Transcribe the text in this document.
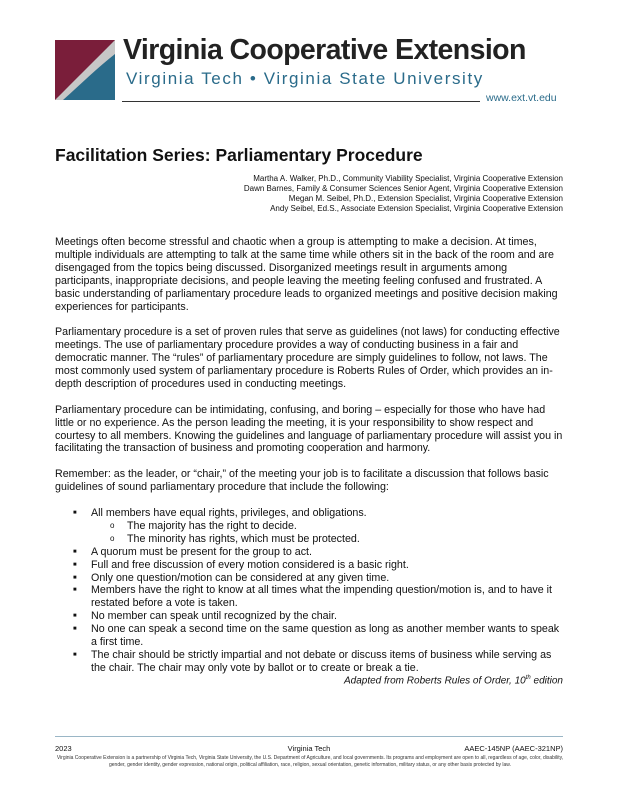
Virginia Cooperative Extension
Virginia Tech • Virginia State University
www.ext.vt.edu
Facilitation Series: Parliamentary Procedure
Martha A. Walker, Ph.D., Community Viability Specialist, Virginia Cooperative Extension
Dawn Barnes, Family & Consumer Sciences Senior Agent, Virginia Cooperative Extension
Megan M. Seibel, Ph.D., Extension Specialist, Virginia Cooperative Extension
Andy Seibel, Ed.S., Associate Extension Specialist, Virginia Cooperative Extension

Meetings often become stressful and chaotic when a group is attempting to make a decision. At times, multiple individuals are attempting to talk at the same time while others sit in the back of the room and are disengaged from the topics being discussed. Disorganized meetings result in arguments among participants, inappropriate decisions, and people leaving the meeting feeling confused and frustrated. A basic understanding of parliamentary procedure leads to organized meetings and positive decision making experiences for participants.

Parliamentary procedure is a set of proven rules that serve as guidelines (not laws) for conducting effective meetings. The use of parliamentary procedure provides a way of conducting business in a fair and democratic manner. The “rules” of parliamentary procedure are simply guidelines to follow, not laws. The most commonly used system of parliamentary procedure is Roberts Rules of Order, which provides an in-depth description of procedures used in conducting meetings.

Parliamentary procedure can be intimidating, confusing, and boring – especially for those who have had little or no experience. As the person leading the meeting, it is your responsibility to show respect and courtesy to all members. Knowing the guidelines and language of parliamentary procedure will assist you in facilitating the transaction of business and promoting cooperation and harmony.

Remember: as the leader, or “chair,” of the meeting your job is to facilitate a discussion that follows basic guidelines of sound parliamentary procedure that include the following:

■ All members have equal rights, privileges, and obligations.
o The majority has the right to decide.
o The minority has rights, which must be protected.
■ A quorum must be present for the group to act.
■ Full and free discussion of every motion considered is a basic right.
■ Only one question/motion can be considered at any given time.
■ Members have the right to know at all times what the impending question/motion is, and to have it restated before a vote is taken.
■ No member can speak until recognized by the chair.
■ No one can speak a second time on the same question as long as another member wants to speak a first time.
■ The chair should be strictly impartial and not debate or discuss items of business while serving as the chair. The chair may only vote by ballot or to create or break a tie.
Adapted from Roberts Rules of Order, 10th edition
2023	Virginia Tech	AAEC-145NP (AAEC-321NP)
Virginia Cooperative Extension is a partnership of Virginia Tech, Virginia State University, the U.S. Department of Agriculture, and local governments. Its programs and employment are open to all, regardless of age, color, disability, gender, gender identity, gender expression, national origin, political affiliation, race, religion, sexual orientation, genetic information, military status, or any other basis protected by law.
